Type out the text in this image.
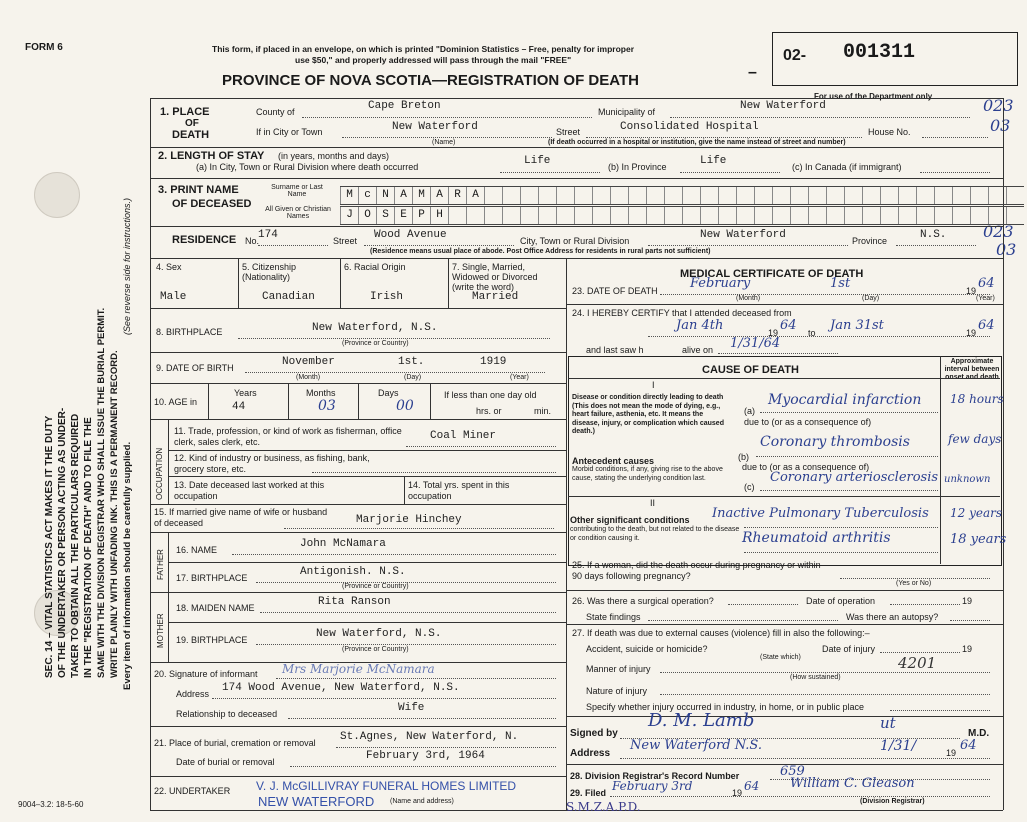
SEC. 14 – VITAL STATISTICS ACT MAKES IT THE DUTY OF THE UNDERTAKER OR PERSON ACTING AS UNDER- TAKER TO OBTAIN ALL THE PARTICULARS REQUIRED IN THE "REGISTRATION OF DEATH" AND TO FILE THE SAME WITH THE DIVISION REGISTRAR WHO SHALL ISSUE THE BURIAL PERMIT. WRITE PLAINLY WITH UNFADING INK. THIS IS A PERMANENT RECORD. Every item of information should be carefully supplied.
(See reverse side for instructions.)
FORM 6	This form, if placed in an envelope, on which is printed "Dominion Statistics – Free, penalty for improper
use $50," and properly addressed will pass through the mail "FREE"
PROVINCE OF NOVA SCOTIA—REGISTRATION OF DEATH	–
02- 001311
For use of the Department only	023
03
023
03
1. PLACE
OF
DEATH
County of	Cape Breton	Municipality of	New Waterford
If in City or Town	New Waterford
(Name)
Street	Consolidated Hospital	House No.
(If death occurred in a hospital or institution, give the name instead of street and number)
2. LENGTH OF STAY (in years, months and days)
(a) In City, Town or Rural Division where death occurred	Life	(b) In Province	Life	(c) In Canada (if immigrant)
3. PRINT NAME
OF DECEASED
Surname or Last Name
All Given or Christian Names
M	c	N	A	M	A	R	A
J	O	S	E	P	H
RESIDENCE No.
174	Street Wood Avenue	City, Town or Rural Division	New Waterford	Province	N.S.
(Residence means usual place of abode. Post Office Address for residents in rural parts not sufficient)
4. Sex	5. Citizenship (Nationality)
6. Racial Origin	7. Single, Married, Widowed or Divorced (write the word)
Male	Canadian	Irish	Married
8. BIRTHPLACE	New Waterford, N.S.
(Province or Country)
9. DATE OF BIRTH	November	1st.	1919
(Month)	(Day)	(Year)
10. AGE in
Years	Months	Days
44	03	00
If less than one day old
hrs. or	min.
OCCUPATION
11. Trade, profession, or kind of work as fisherman, office clerk, sales clerk, etc.	Coal Miner
12. Kind of industry or business, as fishing, bank, grocery store, etc.
13. Date deceased last worked at this occupation
14. Total yrs. spent in this occupation
15. If married give name of wife or husband of deceased	Marjorie Hinchey
FATHER 16. NAME	John McNamara
17. BIRTHPLACE	Antigonish. N.S.
(Province or Country)
MOTHER
18. MAIDEN NAME	Rita Ranson
19. BIRTHPLACE	New Waterford, N.S.
(Province or Country)
20. Signature of informant Mrs Marjorie McNamara
Address 174 Wood Avenue, New Waterford, N.S.
Relationship to deceased	Wife
21. Place of burial, cremation or removal St.Agnes, New Waterford, N.
Date of burial or removal	February 3rd, 1964
22. UNDERTAKER V. J. McGILLIVRAY FUNERAL HOMES LIMITED
NEW WATERFORD (Name and address)
9004–3.2: 18-5-60
MEDICAL CERTIFICATE OF DEATH
23. DATE OF DEATH February	1st	19 64
(Month)	(Day)	(Year)
24. I HEREBY CERTIFY that I attended deceased from
Jan 4th	19 64 to Jan 31st	19 64
and last saw h	alive on 1/31/64
CAUSE OF DEATH
Approximate interval between onset and death
I
Disease or condition directly leading to death (This does not mean the mode of dying, e.g., heart failure, asthenia, etc. It means the disease, injury, or complication which caused death.)
(a)
Myocardial infarction 18 hours
due to (or as a consequence of)
Antecedent causes
Morbid conditions, if any, giving rise to the above cause, stating the underlying condition last.
(b)
Coronary thrombosis	few days
due to (or as a consequence of)
(c)
Coronary arteriosclerosis unknown
II
Other significant conditions
contributing to the death, but not related to the disease or condition causing it.
Inactive Pulmonary Tuberculosis 12 years
Rheumatoid arthritis	18 years
25. If a woman, did the death occur during pregnancy or within 90 days following pregnancy?
(Yes or No)
26. Was there a surgical operation?	Date of operation	19
State findings	Was there an autopsy?
27. If death was due to external causes (violence) fill in also the following:–
Accident, suicide or homicide?
(State which)
Date of injury	19
4201
Manner of injury
(How sustained)
Nature of injury
Specify whether injury occurred in industry, in home, or in public place
Signed by
D. M. Lamb	ut
M.D.
Address
New Waterford N.S.	1/31/	19 64
28. Division Registrar's Record Number	659
29. Filed February 3rd	19 64 William C. Gleason
(Division Registrar)
S.M.Z.A.P.D.
